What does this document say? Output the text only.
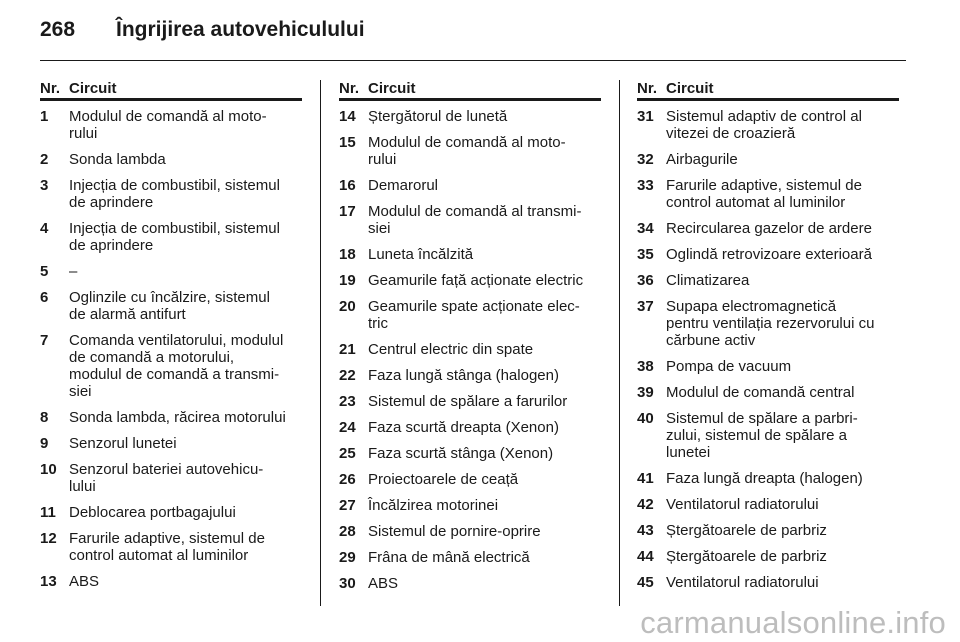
268 Îngrijirea autovehiculului
Nr. Circuit
1	Modulul de comandă al moto-
rului
2	Sonda lambda
3	Injecția de combustibil, sistemul
de aprindere
4	Injecția de combustibil, sistemul
de aprindere
5	–
6	Oglinzile cu încălzire, sistemul
de alarmă antifurt
7	Comanda ventilatorului, modulul
de comandă a motorului,
modulul de comandă a transmi-
siei
8	Sonda lambda, răcirea motorului
9	Senzorul lunetei
10 Senzorul bateriei autovehicu-
lului
11 Deblocarea portbagajului
12 Farurile adaptive, sistemul de
control automat al luminilor
13 ABS
Nr. Circuit
14 Ștergătorul de lunetă
15 Modulul de comandă al moto-
rului
16 Demarorul
17 Modulul de comandă al transmi-
siei
18 Luneta încălzită
19 Geamurile față acționate electric
20 Geamurile spate acționate elec-
tric
21 Centrul electric din spate
22 Faza lungă stânga (halogen)
23 Sistemul de spălare a farurilor
24 Faza scurtă dreapta (Xenon)
25 Faza scurtă stânga (Xenon)
26 Proiectoarele de ceață
27 Încălzirea motorinei
28 Sistemul de pornire-oprire
29 Frâna de mână electrică
30 ABS
Nr. Circuit
31 Sistemul adaptiv de control al
vitezei de croazieră
32 Airbagurile
33 Farurile adaptive, sistemul de
control automat al luminilor
34 Recircularea gazelor de ardere
35 Oglindă retrovizoare exterioară
36 Climatizarea
37 Supapa electromagnetică
pentru ventilația rezervorului cu
cărbune activ
38 Pompa de vacuum
39 Modulul de comandă central
40 Sistemul de spălare a parbri-
zului, sistemul de spălare a
lunetei
41 Faza lungă dreapta (halogen)
42 Ventilatorul radiatorului
43 Ștergătoarele de parbriz
44 Ștergătoarele de parbriz
45 Ventilatorul radiatorului
carmanualsonline.info
